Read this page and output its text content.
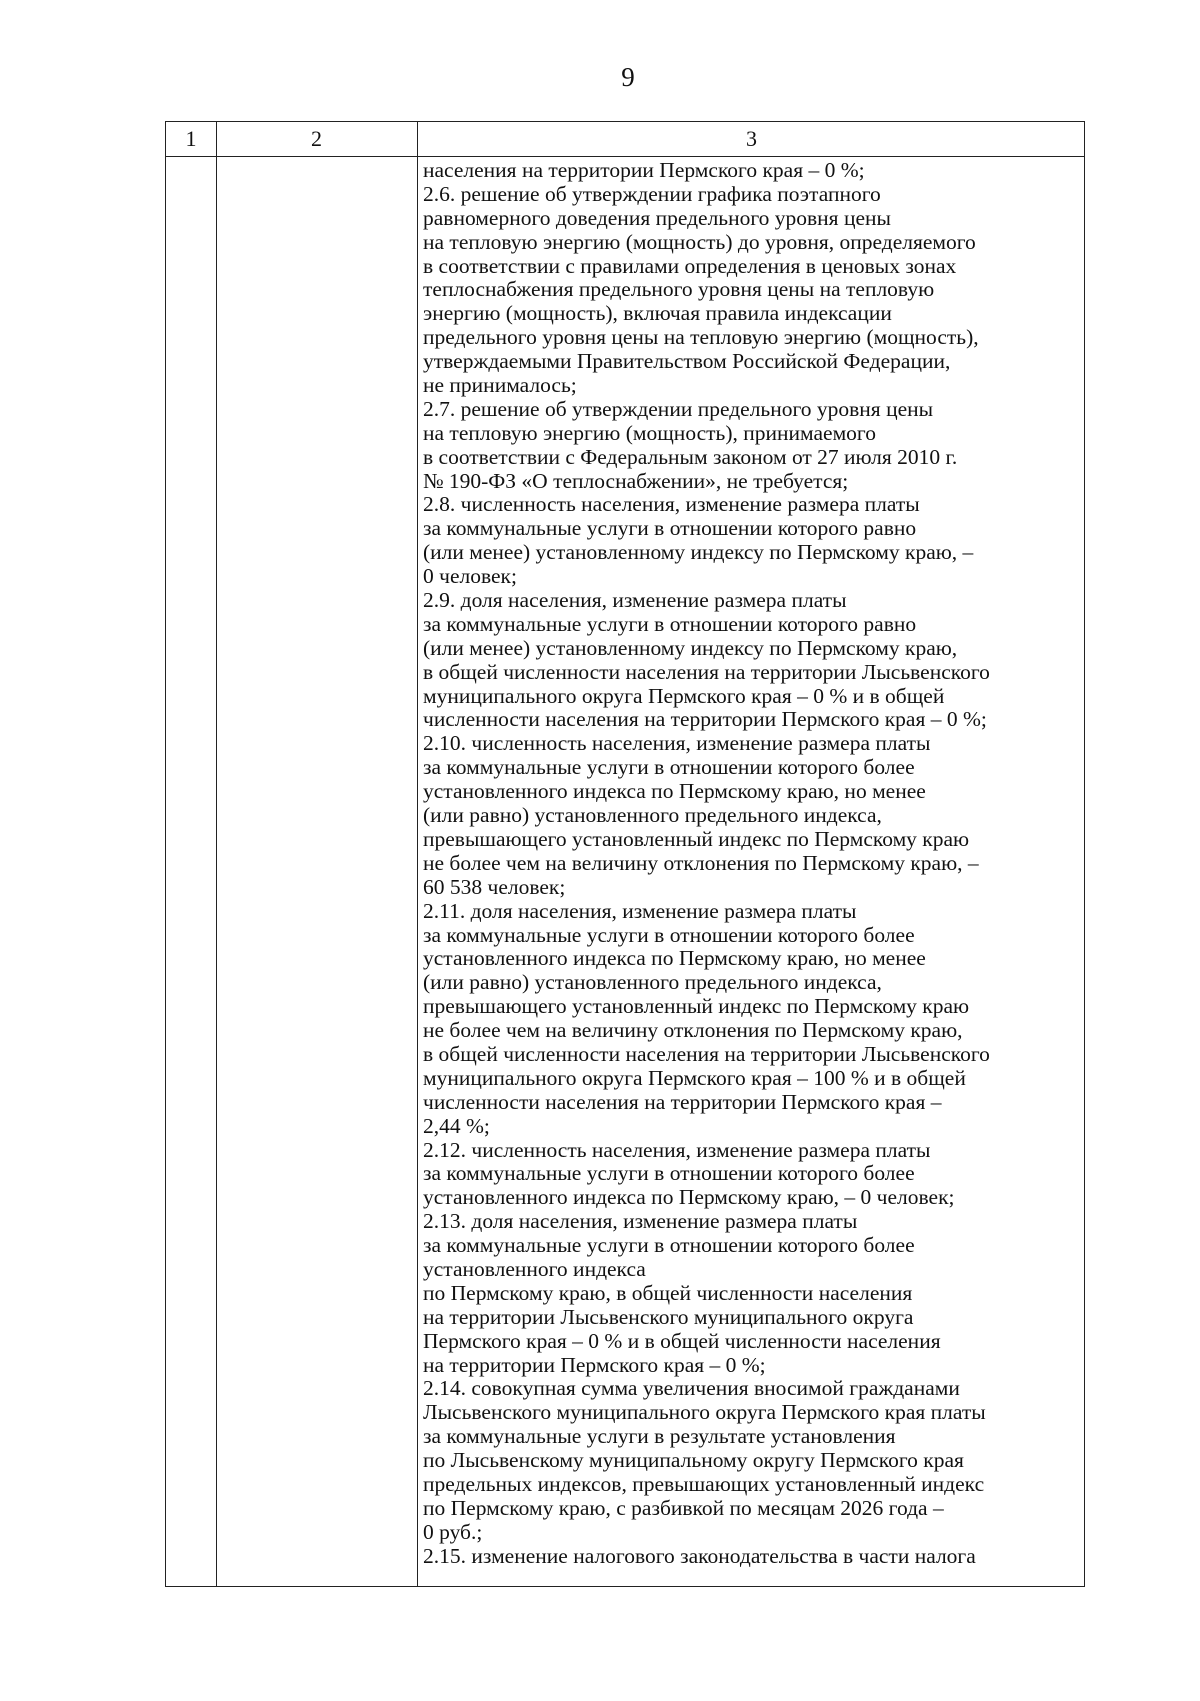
9
1	2	3
населения на территории Пермского края – 0 %;
2.6. решение об утверждении графика поэтапного
равномерного доведения предельного уровня цены
на тепловую энергию (мощность) до уровня, определяемого
в соответствии с правилами определения в ценовых зонах
теплоснабжения предельного уровня цены на тепловую
энергию (мощность), включая правила индексации
предельного уровня цены на тепловую энергию (мощность),
утверждаемыми Правительством Российской Федерации,
не принималось;
2.7. решение об утверждении предельного уровня цены
на тепловую энергию (мощность), принимаемого
в соответствии с Федеральным законом от 27 июля 2010 г.
№ 190-ФЗ «О теплоснабжении», не требуется;
2.8. численность населения, изменение размера платы
за коммунальные услуги в отношении которого равно
(или менее) установленному индексу по Пермскому краю, –
0 человек;
2.9. доля населения, изменение размера платы
за коммунальные услуги в отношении которого равно
(или менее) установленному индексу по Пермскому краю,
в общей численности населения на территории Лысьвенского
муниципального округа Пермского края – 0 % и в общей
численности населения на территории Пермского края – 0 %;
2.10. численность населения, изменение размера платы
за коммунальные услуги в отношении которого более
установленного индекса по Пермскому краю, но менее
(или равно) установленного предельного индекса,
превышающего установленный индекс по Пермскому краю
не более чем на величину отклонения по Пермскому краю, –
60 538 человек;
2.11. доля населения, изменение размера платы
за коммунальные услуги в отношении которого более
установленного индекса по Пермскому краю, но менее
(или равно) установленного предельного индекса,
превышающего установленный индекс по Пермскому краю
не более чем на величину отклонения по Пермскому краю,
в общей численности населения на территории Лысьвенского
муниципального округа Пермского края – 100 % и в общей
численности населения на территории Пермского края –
2,44 %;
2.12. численность населения, изменение размера платы
за коммунальные услуги в отношении которого более
установленного индекса по Пермскому краю, – 0 человек;
2.13. доля населения, изменение размера платы
за коммунальные услуги в отношении которого более
установленного индекса
по Пермскому краю, в общей численности населения
на территории Лысьвенского муниципального округа
Пермского края – 0 % и в общей численности населения
на территории Пермского края – 0 %;
2.14. совокупная сумма увеличения вносимой гражданами
Лысьвенского муниципального округа Пермского края платы
за коммунальные услуги в результате установления
по Лысьвенскому муниципальному округу Пермского края
предельных индексов, превышающих установленный индекс
по Пермскому краю, с разбивкой по месяцам 2026 года –
0 руб.;
2.15. изменение налогового законодательства в части налога
